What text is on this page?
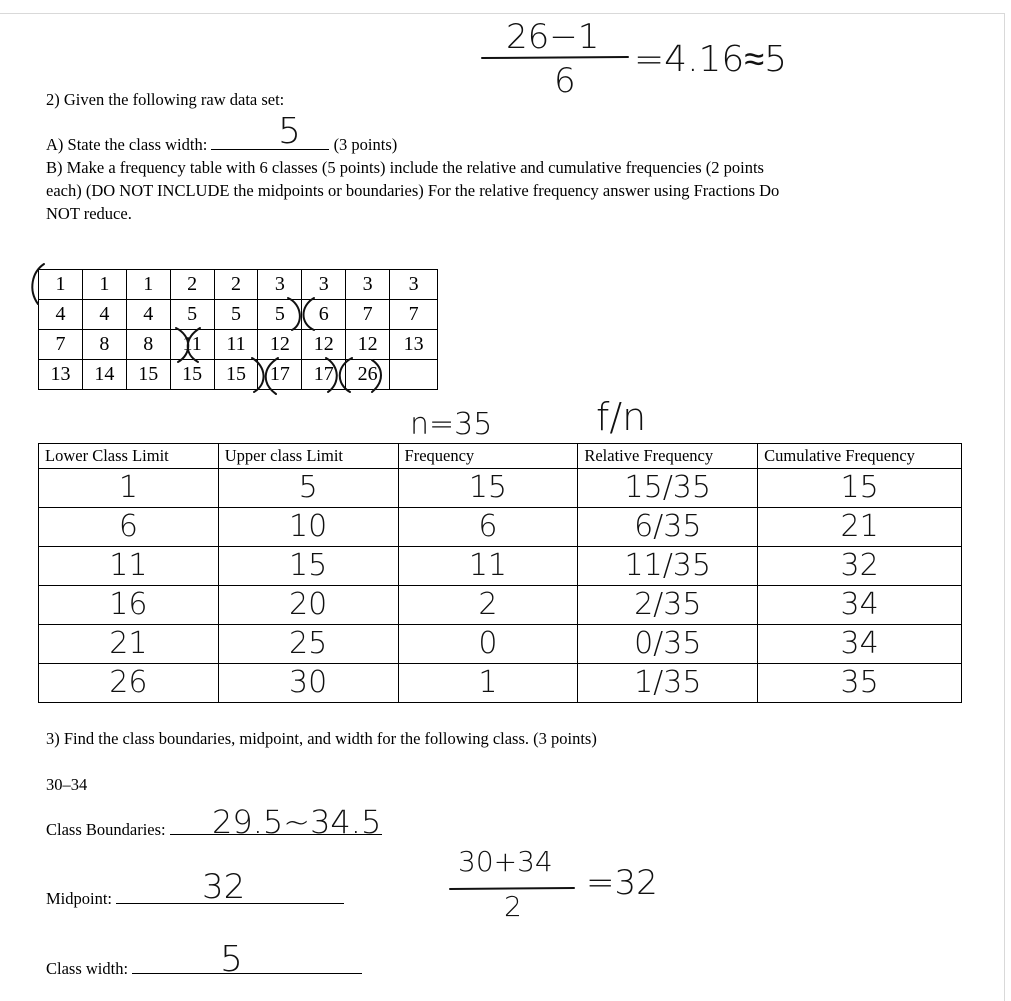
26−1
6
=4.16≈5
2) Given the following raw data set:
A) State the class width:	(3 points)
5
B) Make a frequency table with 6 classes (5 points) include the relative and cumulative frequencies (2 points
each) (DO NOT INCLUDE the midpoints or boundaries) For the relative frequency answer using Fractions Do
NOT reduce.
1	1	1	2	2	3	3	3	3
4	4	4	5	5	5	6	7	7
7	8	8	11	11	12	12	12	13
13	14	15	15	15	17	17	26	
n=35	f/n
Lower Class Limit	Upper class Limit	Frequency	Relative Frequency	Cumulative Frequency
1	5	15	15/35	15
6	10	6	6/35	21
11	15	11	11/35	32
16	20	2	2/35	34
21	25	0	0/35	34
26	30	1	1/35	35
3) Find the class boundaries, midpoint, and width for the following class. (3 points)
30–34
Class Boundaries:	29.5~34.5
Midpoint:	32
30+34
2
=32
Class width:	5
